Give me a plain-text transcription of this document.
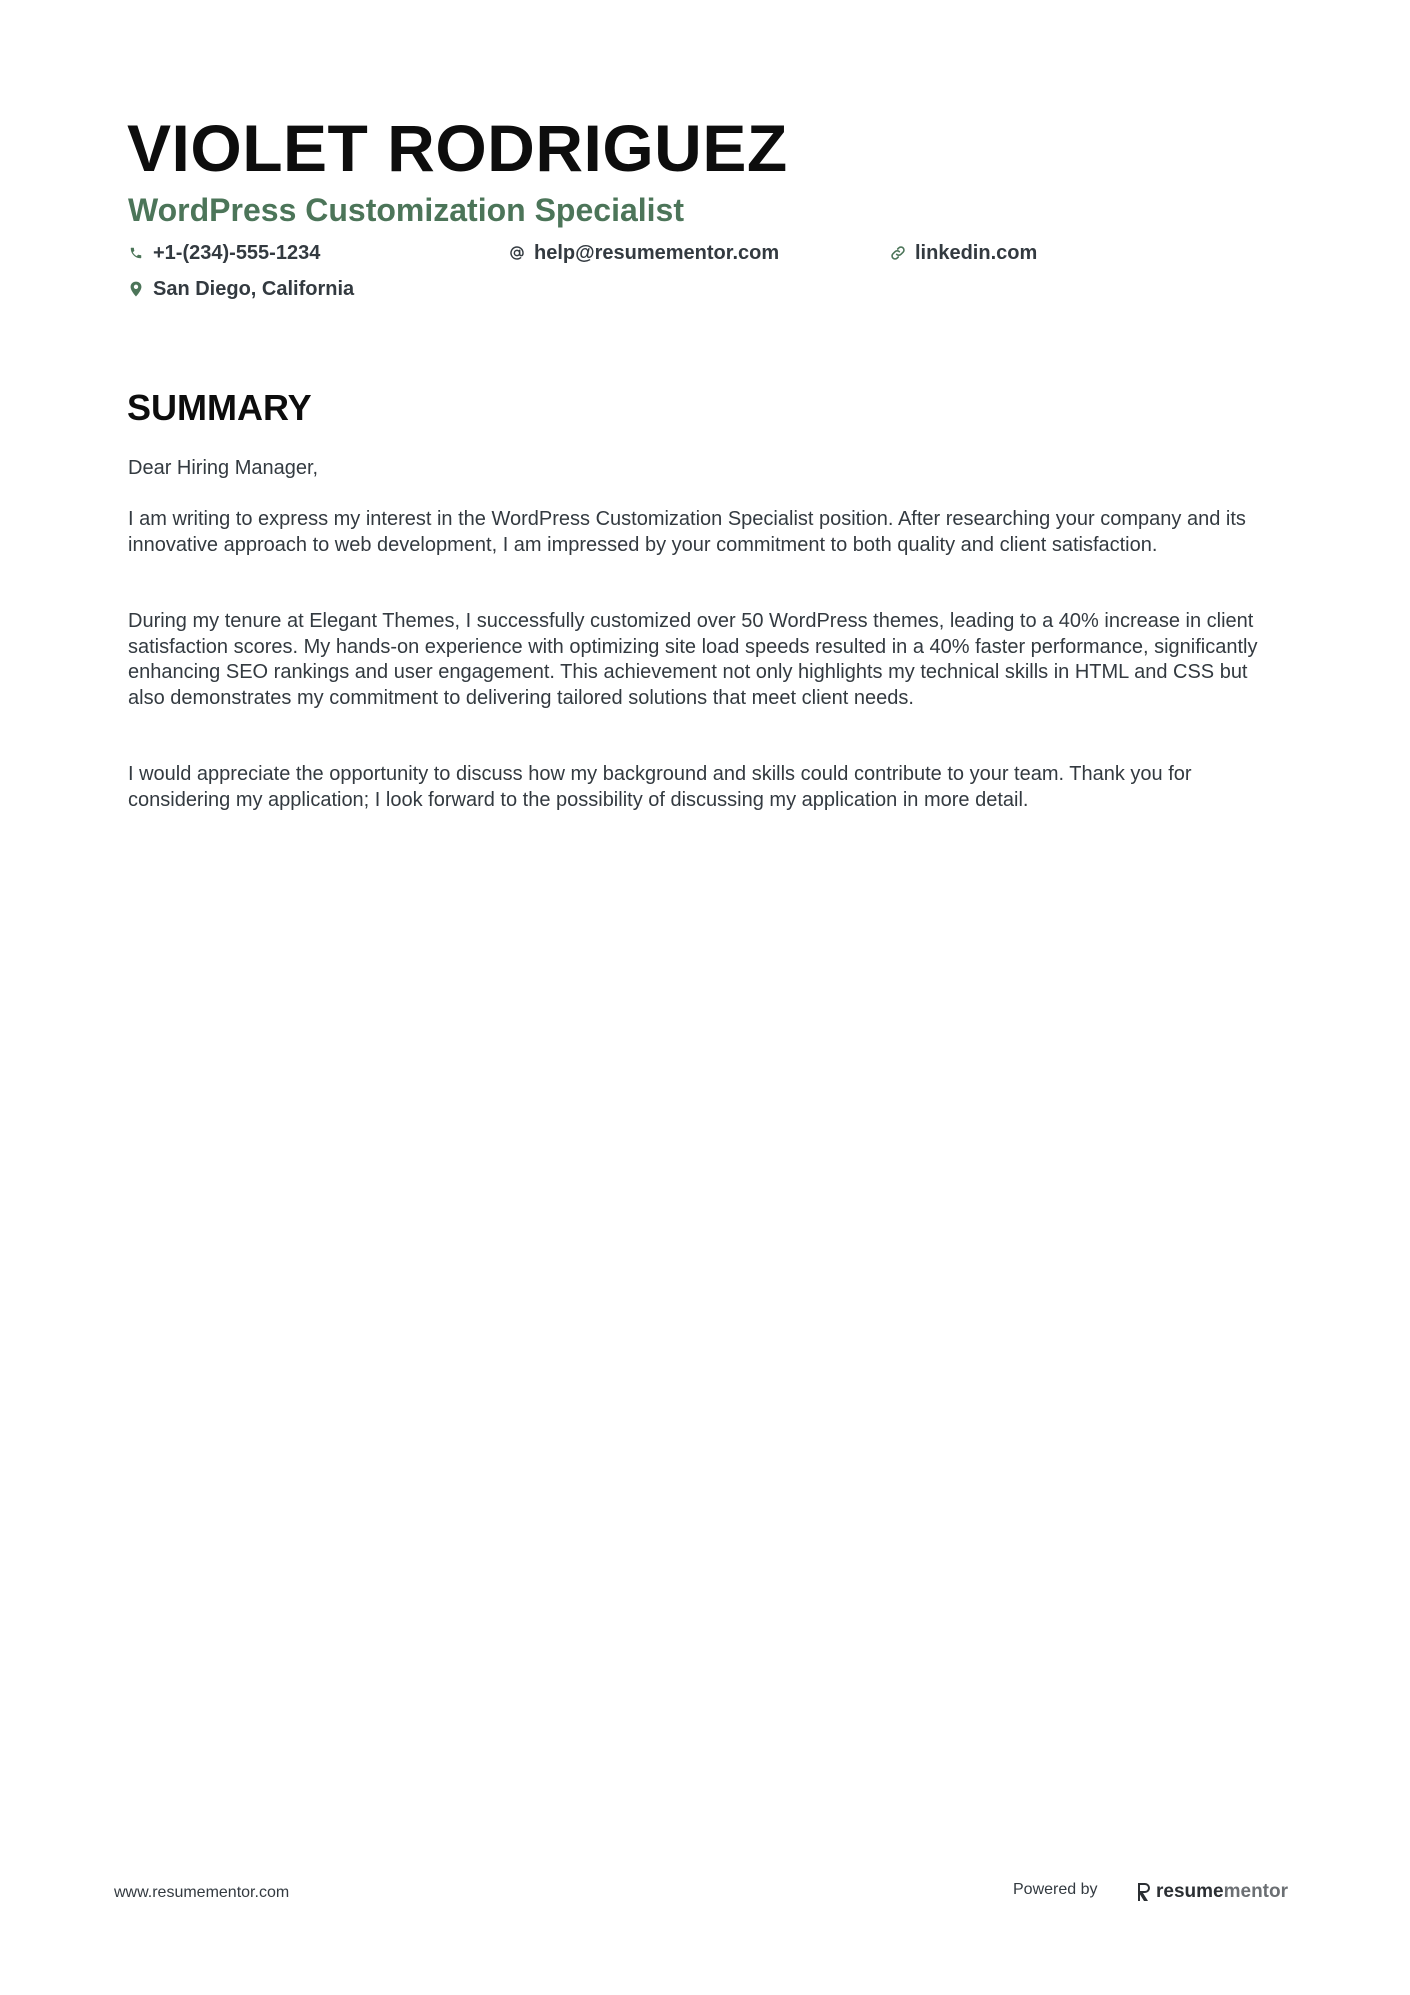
VIOLET RODRIGUEZ
WordPress Customization Specialist
+1-(234)-555-1234	help@resumementor.com	linkedin.com
San Diego, California
SUMMARY

Dear Hiring Manager,

I am writing to express my interest in the WordPress Customization Specialist position. After researching your company and its innovative approach to web development, I am impressed by your commitment to both quality and client satisfaction.

During my tenure at Elegant Themes, I successfully customized over 50 WordPress themes, leading to a 40% increase in client satisfaction scores. My hands-on experience with optimizing site load speeds resulted in a 40% faster performance, significantly enhancing SEO rankings and user engagement. This achievement not only highlights my technical skills in HTML and CSS but also demonstrates my commitment to delivering tailored solutions that meet client needs.

I would appreciate the opportunity to discuss how my background and skills could contribute to your team. Thank you for considering my application; I look forward to the possibility of discussing my application in more detail.

www.resumementor.com	Powered by	resume mentor
